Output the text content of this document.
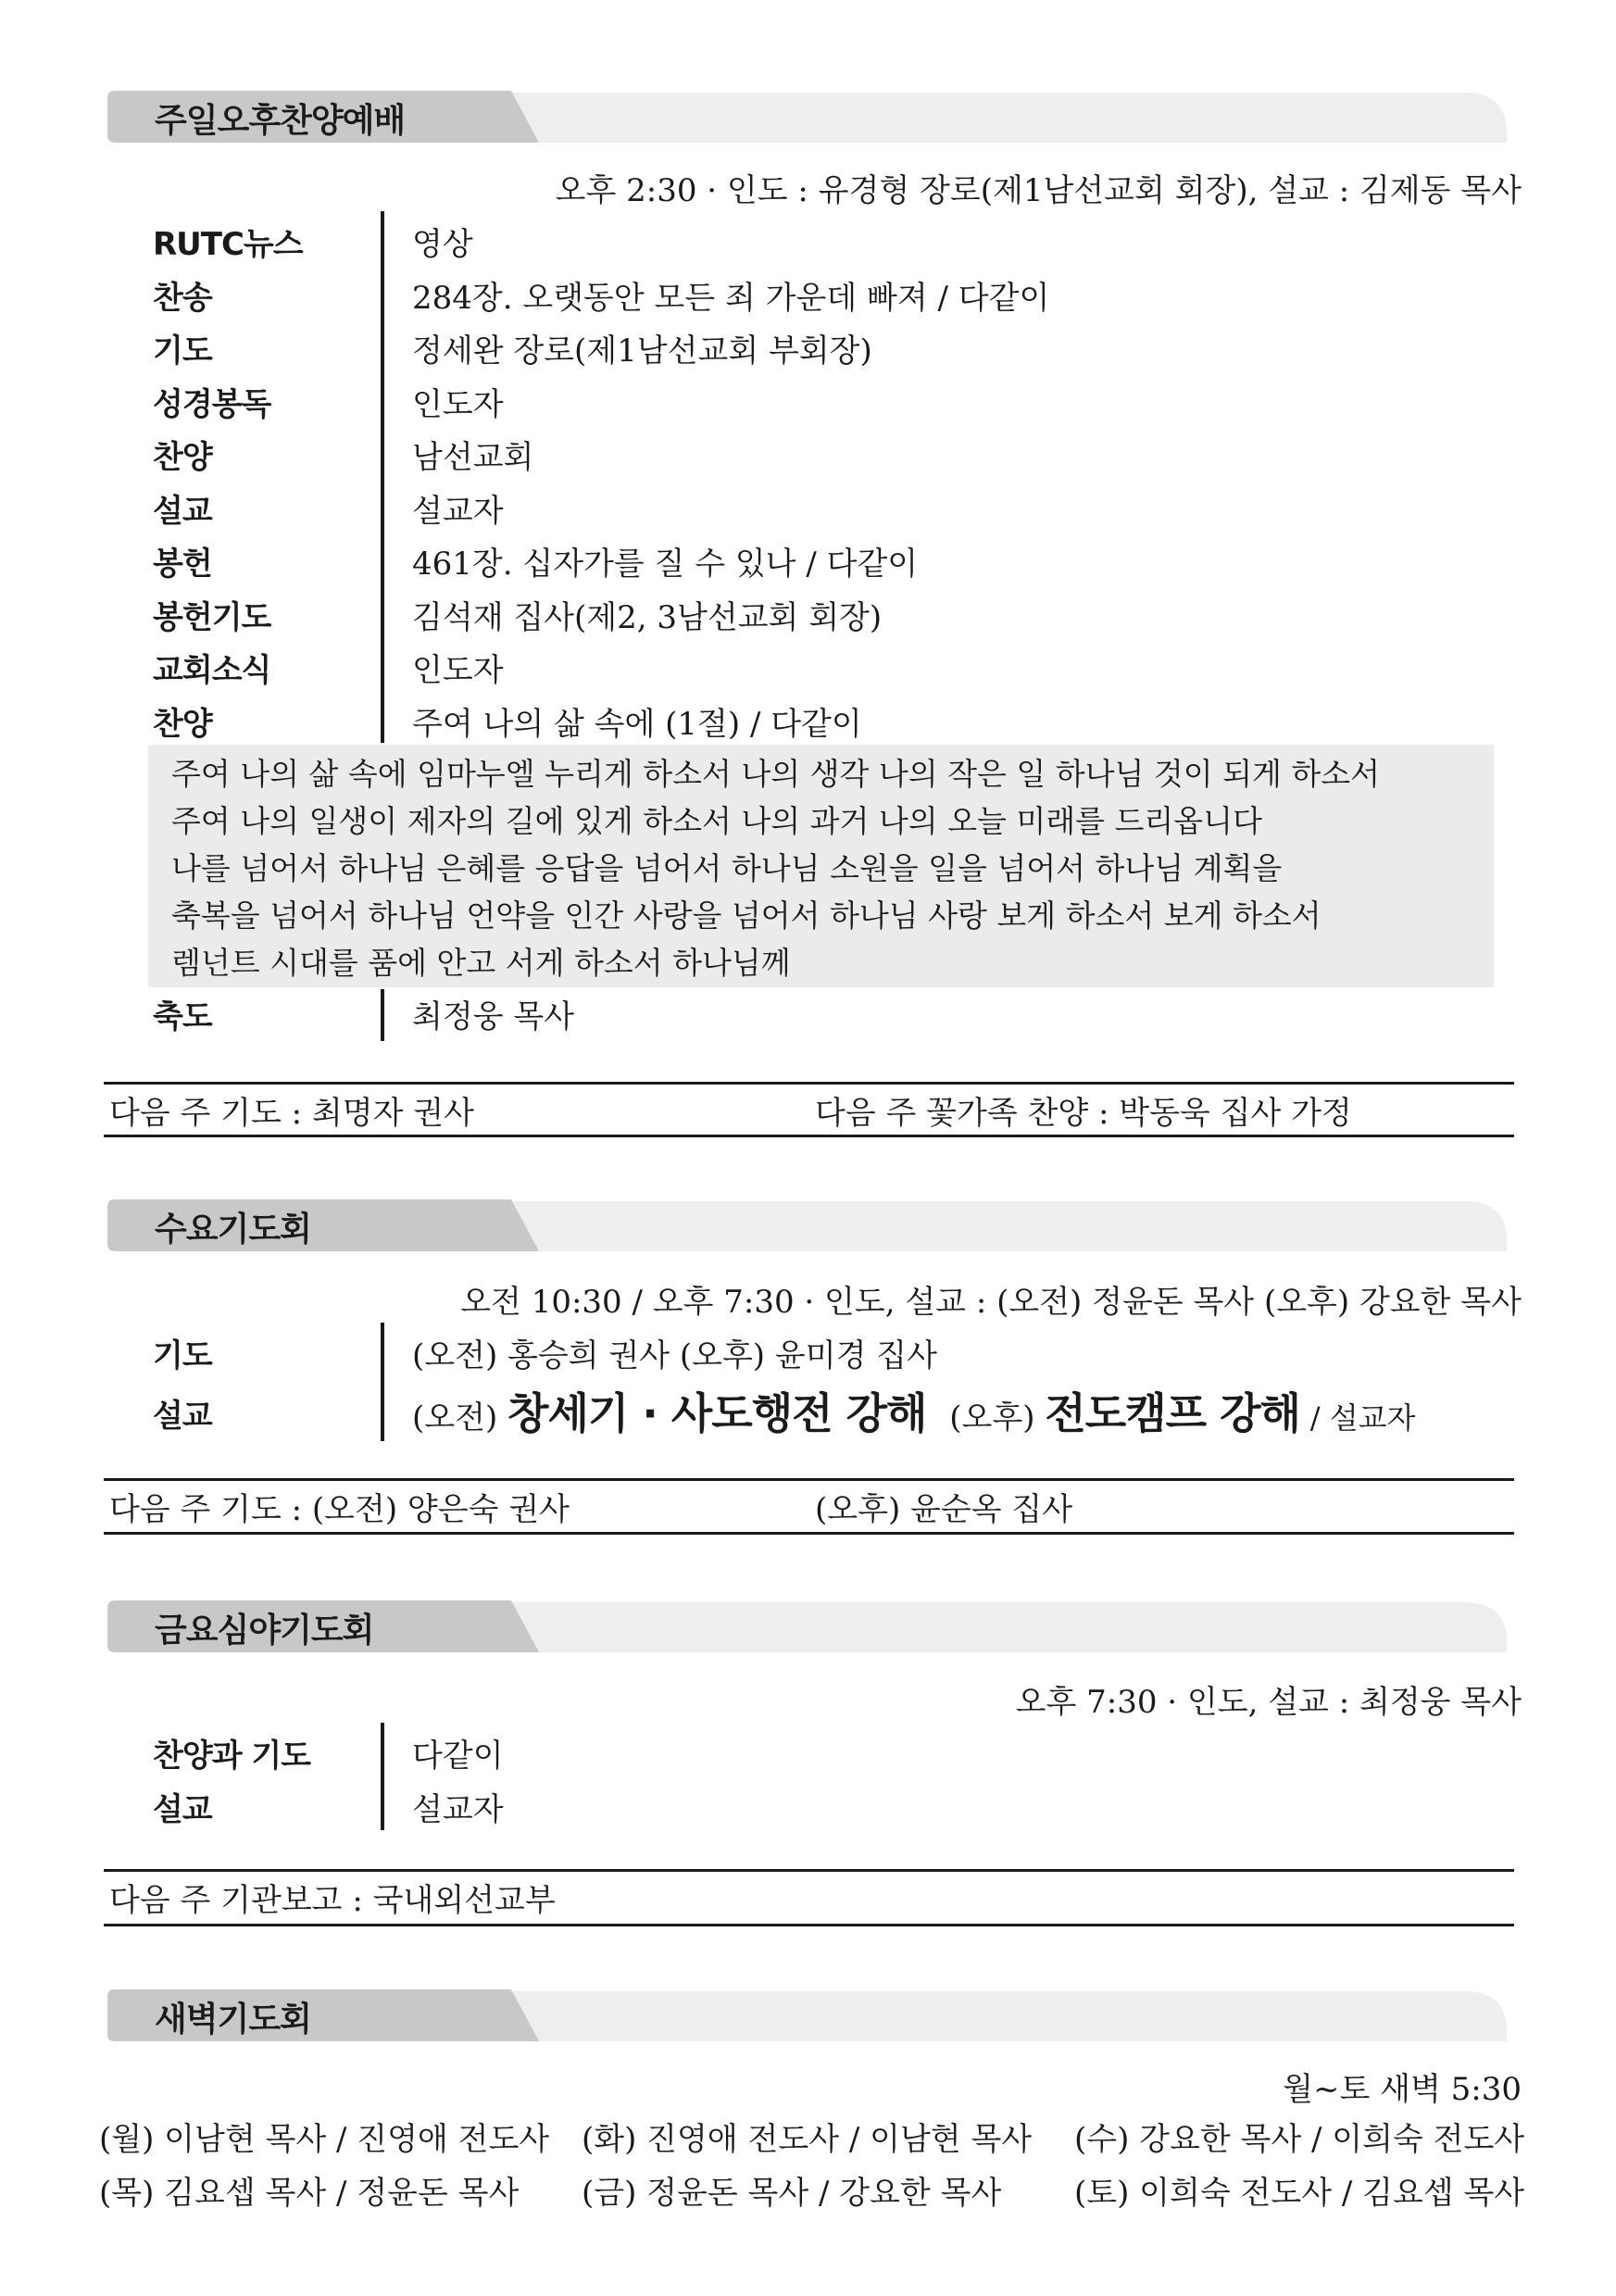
주일오후찬양예배
오후 2:30 · 인도 : 유경형 장로(제1남선교회 회장), 설교 : 김제동 목사
RUTC뉴스	영상
찬송	284장. 오랫동안 모든 죄 가운데 빠져 / 다같이
기도	정세완 장로(제1남선교회 부회장)
성경봉독	인도자
찬양	남선교회
설교	설교자
봉헌	461장. 십자가를 질 수 있나 / 다같이
봉헌기도	김석재 집사(제2, 3남선교회 회장)
교회소식	인도자
찬양	주여 나의 삶 속에 (1절) / 다같이
주여 나의 삶 속에 임마누엘 누리게 하소서 나의 생각 나의 작은 일 하나님 것이 되게 하소서
주여 나의 일생이 제자의 길에 있게 하소서 나의 과거 나의 오늘 미래를 드리옵니다
나를 넘어서 하나님 은혜를 응답을 넘어서 하나님 소원을 일을 넘어서 하나님 계획을
축복을 넘어서 하나님 언약을 인간 사랑을 넘어서 하나님 사랑 보게 하소서 보게 하소서
렘넌트 시대를 품에 안고 서게 하소서 하나님께
축도	최정웅 목사
다음 주 기도 : 최명자 권사	다음 주 꽃가족 찬양 : 박동욱 집사 가정
수요기도회
오전 10:30 / 오후 7:30 · 인도, 설교 : (오전) 정윤돈 목사 (오후) 강요한 목사
기도	(오전) 홍승희 권사 (오후) 윤미경 집사
설교	(오전) 창세기 · 사도행전 강해 (오후) 전도캠프 강해 / 설교자
다음 주 기도 : (오전) 양은숙 권사	(오후) 윤순옥 집사
금요심야기도회
오후 7:30 · 인도, 설교 : 최정웅 목사
찬양과 기도	다같이
설교	설교자
다음 주 기관보고 : 국내외선교부
새벽기도회
월~토 새벽 5:30
(월) 이남현 목사 / 진영애 전도사 (화) 진영애 전도사 / 이남현 목사 (수) 강요한 목사 / 이희숙 전도사
(목) 김요셉 목사 / 정윤돈 목사 (금) 정윤돈 목사 / 강요한 목사 (토) 이희숙 전도사 / 김요셉 목사
